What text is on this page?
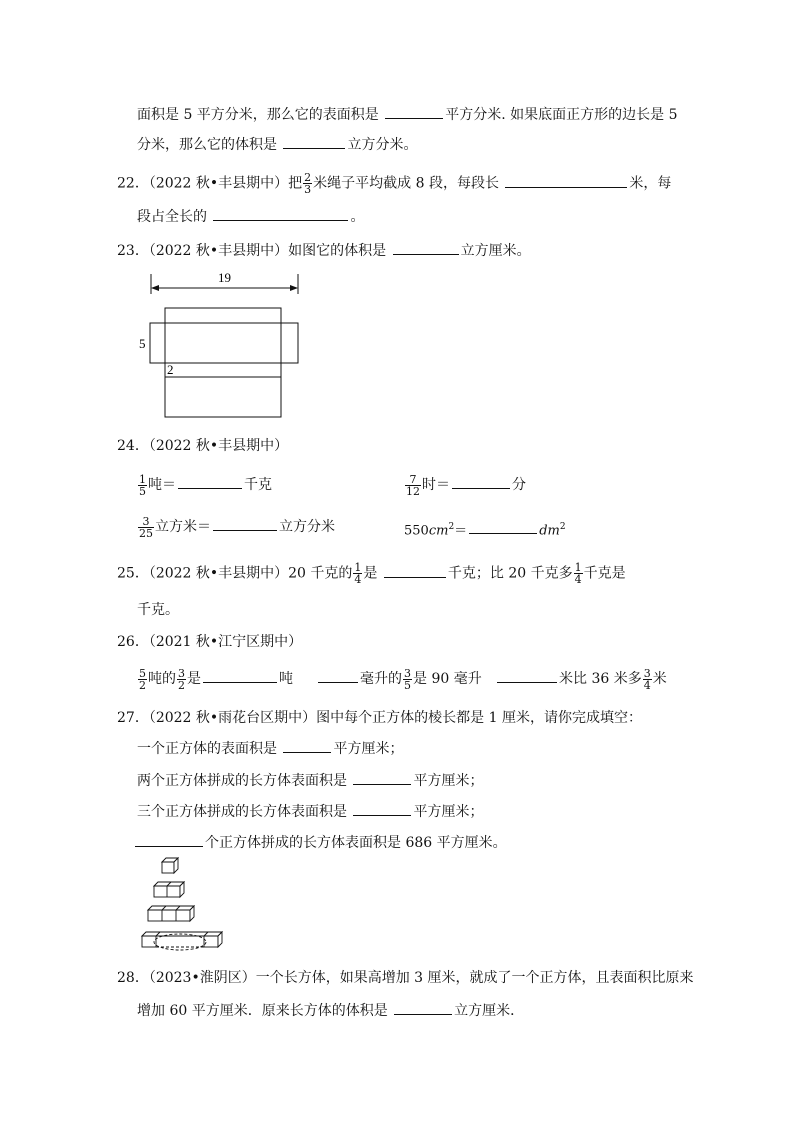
面积是 5 平方分米，那么它的表面积是	平方分米. 如果底面正方形的边长是 5
分米，那么它的体积是	立方分米。
22．（2022 秋•丰县期中）把 $\frac{2}{3}$ 米绳子平均截成 8 段，每段长	米，每
段占全长的	。
23．（2022 秋•丰县期中）如图它的体积是	立方厘米。
19
5
2
24．（2022 秋•丰县期中）
$\frac{1}{5}$ 吨＝	千克	$\frac{7}{12}$ 时＝	分
$\frac{3}{25}$ 立方米＝	立方分米	$550cm^2=$	$dm^2$
25．（2022 秋•丰县期中）20 千克的 $\frac{1}{4}$ 是	千克；比 20 千克多 $\frac{1}{4}$ 千克是
千克。
26．（2021 秋•江宁区期中）
$\frac{5}{2}$ 吨的 $\frac{3}{2}$ 是	吨	毫升的 $\frac{3}{5}$ 是 90 毫升	米比 36 米多 $\frac{3}{4}$ 米
27．（2022 秋•雨花台区期中）图中每个正方体的棱长都是 1 厘米，请你完成填空：
一个正方体的表面积是	平方厘米；
两个正方体拼成的长方体表面积是	平方厘米；
三个正方体拼成的长方体表面积是	平方厘米；
个正方体拼成的长方体表面积是 686 平方厘米。
28．（2023•淮阴区）一个长方体，如果高增加 3 厘米，就成了一个正方体，且表面积比原来
增加 60 平方厘米．原来长方体的体积是	立方厘米．
